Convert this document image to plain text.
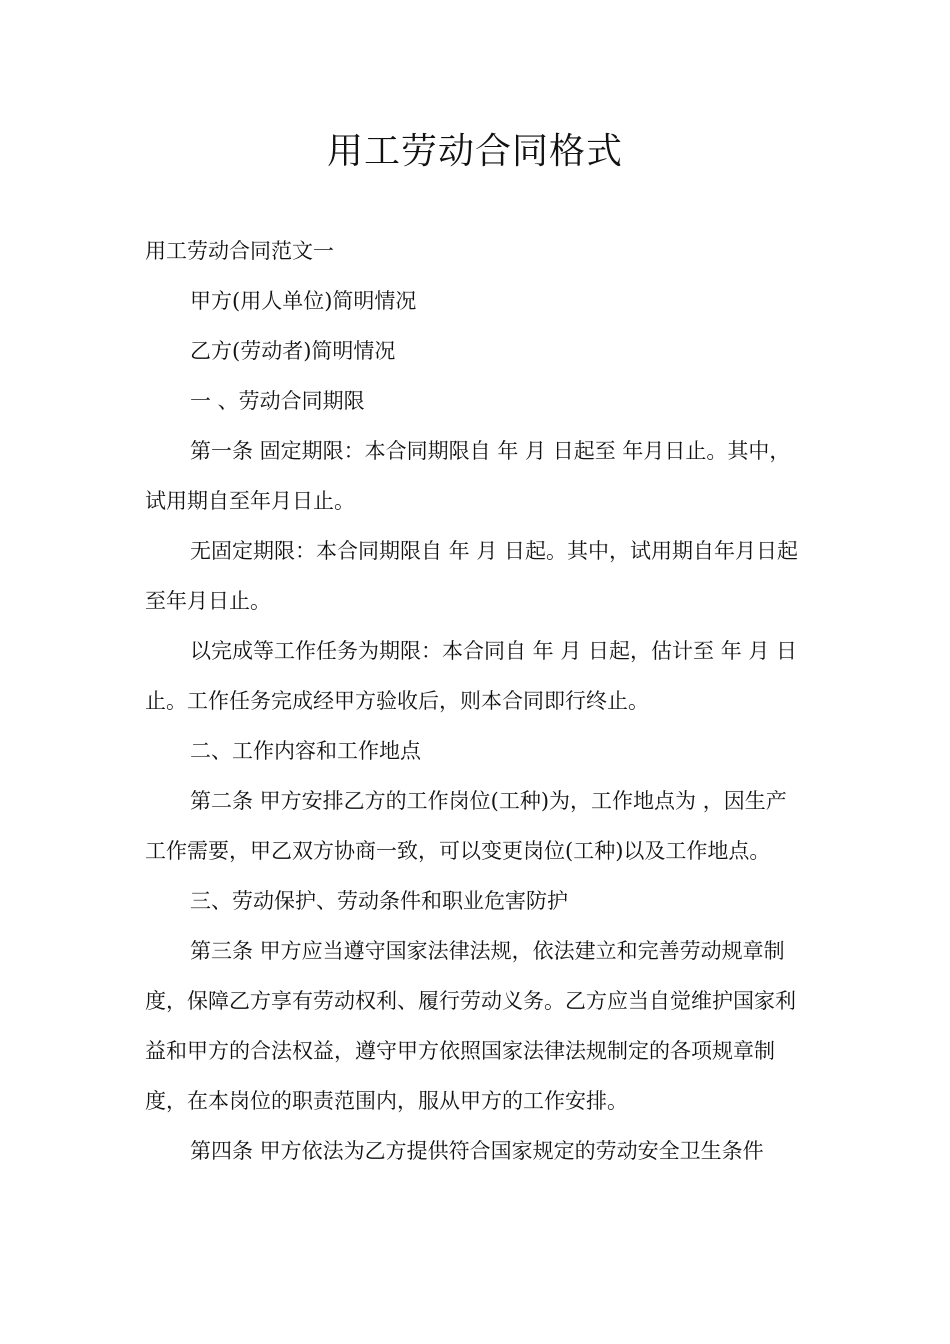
用工劳动合同格式

用工劳动合同范文一

甲方(用人单位)简明情况

乙方(劳动者)简明情况

一 、劳动合同期限

第一条 固定期限：本合同期限自 年 月 日起至 年月日止。其中，试用期自至年月日止。

无固定期限：本合同期限自 年 月 日起。其中，试用期自年月日起至年月日止。

以完成等工作任务为期限：本合同自 年 月 日起，估计至 年 月 日止。工作任务完成经甲方验收后，则本合同即行终止。

二、工作内容和工作地点

第二条 甲方安排乙方的工作岗位(工种)为，工作地点为 ，因生产工作需要，甲乙双方协商一致，可以变更岗位(工种)以及工作地点。

三、劳动保护、劳动条件和职业危害防护

第三条 甲方应当遵守国家法律法规，依法建立和完善劳动规章制度，保障乙方享有劳动权利、履行劳动义务。乙方应当自觉维护国家利益和甲方的合法权益，遵守甲方依照国家法律法规制定的各项规章制度，在本岗位的职责范围内，服从甲方的工作安排。

第四条 甲方依法为乙方提供符合国家规定的劳动安全卫生条件
